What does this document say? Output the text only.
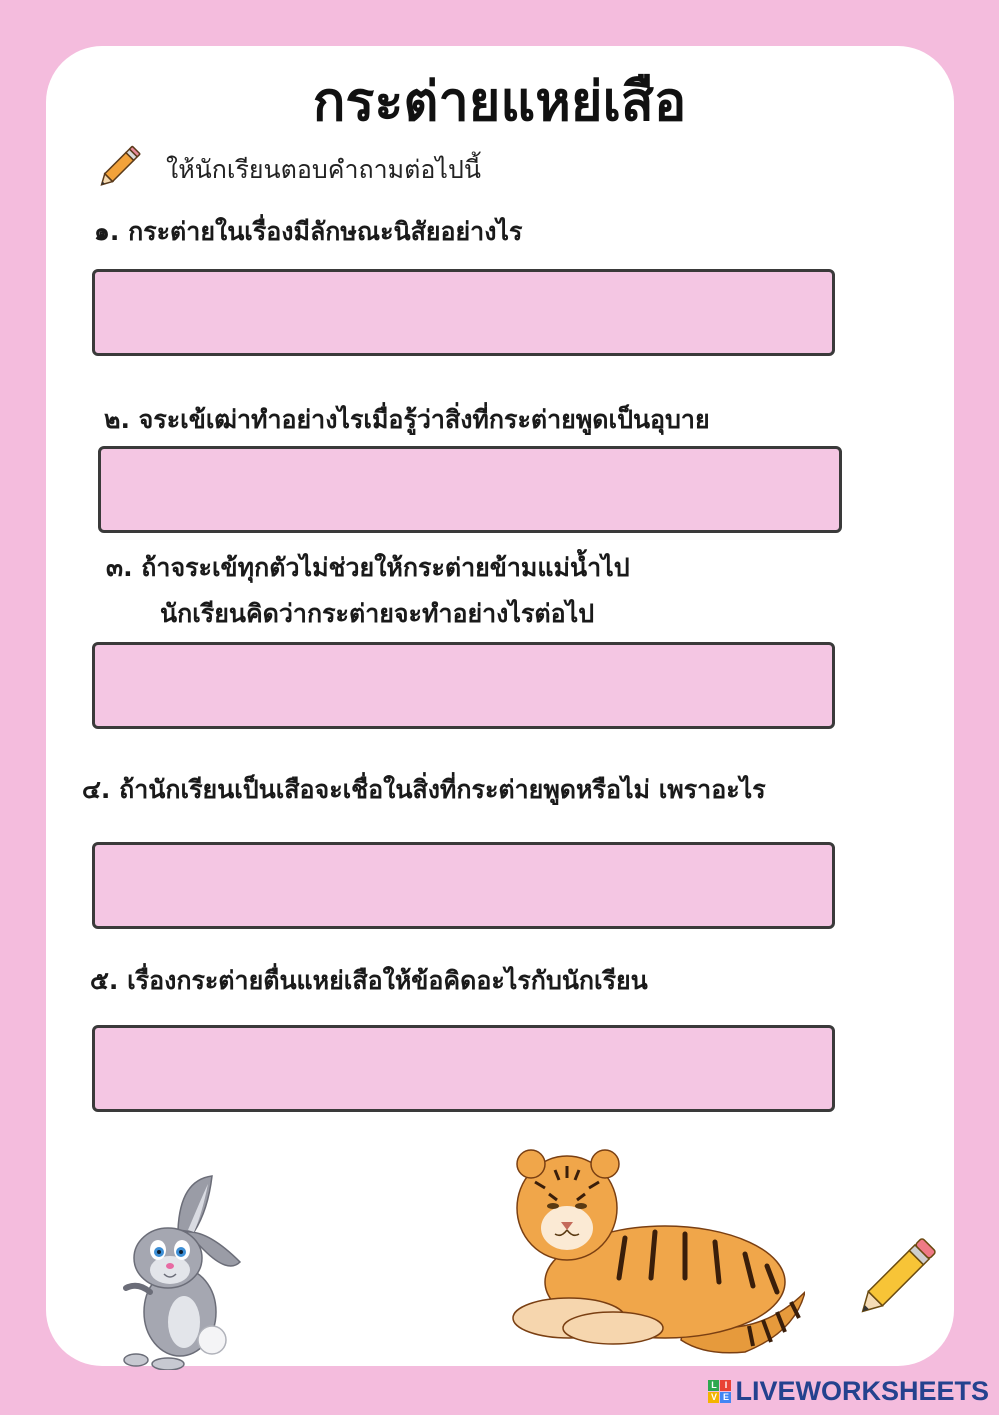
กระต่ายแหย่เสือ
ให้นักเรียนตอบคำถามต่อไปนี้
๑. กระต่ายในเรื่องมีลักษณะนิสัยอย่างไร
๒. จระเข้เฒ่าทำอย่างไรเมื่อรู้ว่าสิ่งที่กระต่ายพูดเป็นอุบาย
๓. ถ้าจระเข้ทุกตัวไม่ช่วยให้กระต่ายข้ามแม่น้ำไป
นักเรียนคิดว่ากระต่ายจะทำอย่างไรต่อไป
๔. ถ้านักเรียนเป็นเสือจะเชื่อในสิ่งที่กระต่ายพูดหรือไม่ เพราอะไร
๕. เรื่องกระต่ายตื่นแหย่เสือให้ข้อคิดอะไรกับนักเรียน
L I
V E LIVEWORKSHEETS
